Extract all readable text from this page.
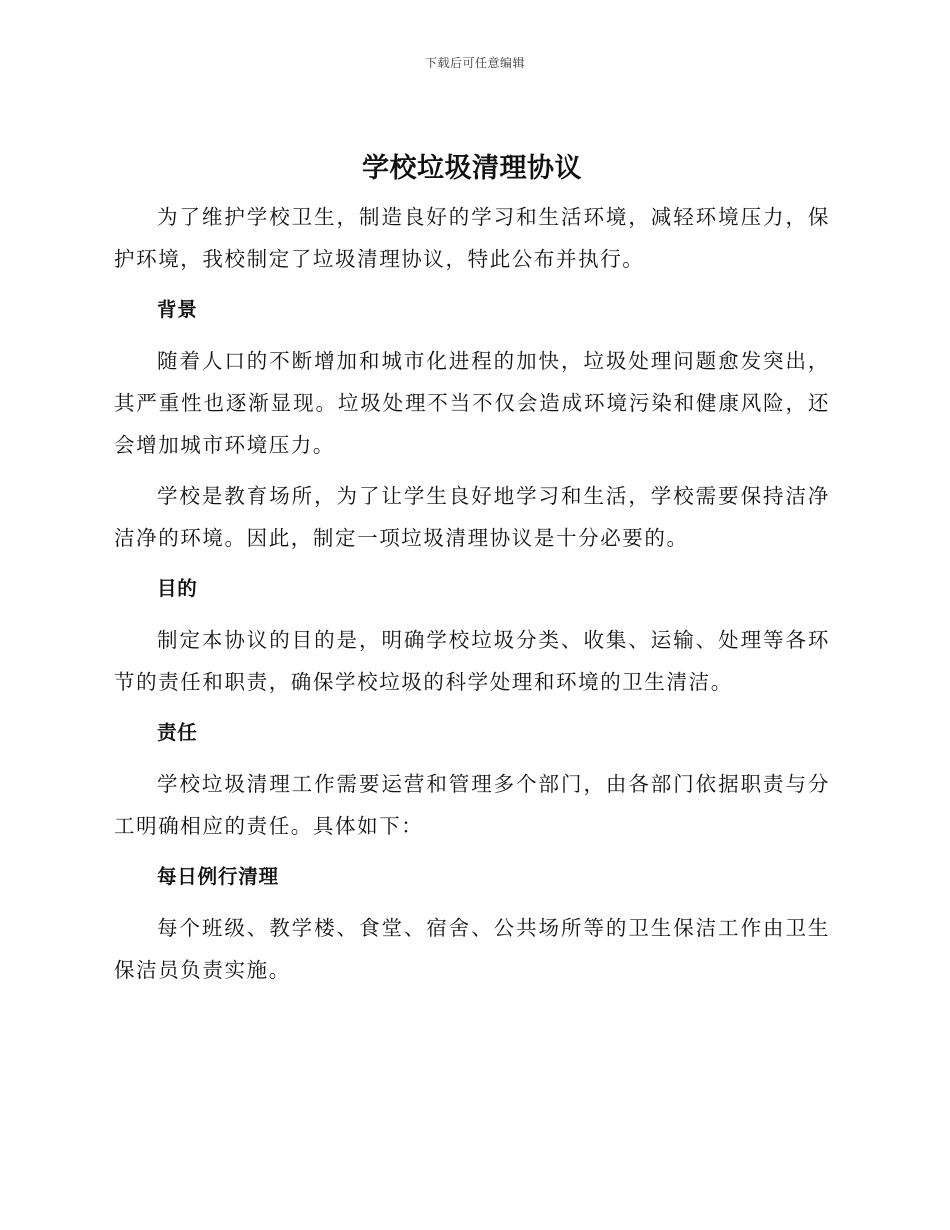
下载后可任意编辑
学校垃圾清理协议

为了维护学校卫生，制造良好的学习和生活环境，减轻环境压力，保护环境，我校制定了垃圾清理协议，特此公布并执行。

背景

随着人口的不断增加和城市化进程的加快，垃圾处理问题愈发突出，其严重性也逐渐显现。垃圾处理不当不仅会造成环境污染和健康风险，还会增加城市环境压力。

学校是教育场所，为了让学生良好地学习和生活，学校需要保持洁净洁净的环境。因此，制定一项垃圾清理协议是十分必要的。

目的

制定本协议的目的是，明确学校垃圾分类、收集、运输、处理等各环节的责任和职责，确保学校垃圾的科学处理和环境的卫生清洁。

责任

学校垃圾清理工作需要运营和管理多个部门，由各部门依据职责与分工明确相应的责任。具体如下：

每日例行清理

每个班级、教学楼、食堂、宿舍、公共场所等的卫生保洁工作由卫生保洁员负责实施。
